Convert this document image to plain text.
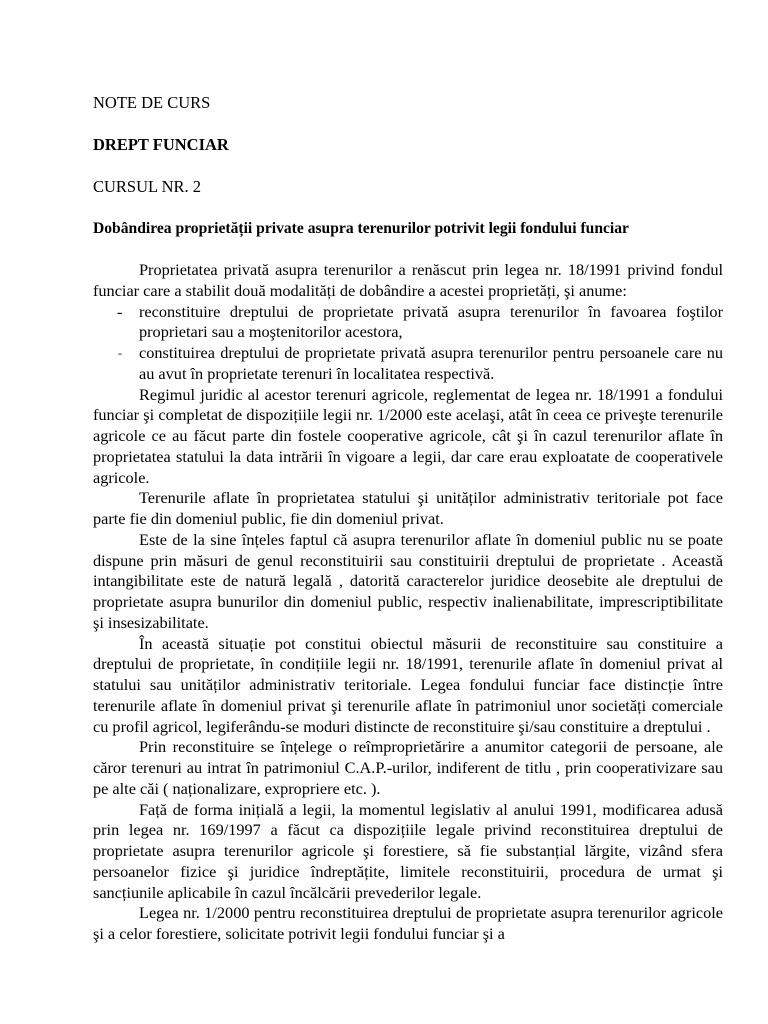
NOTE DE CURS

DREPT FUNCIAR

CURSUL NR. 2

Dobândirea proprietății private asupra terenurilor potrivit legii fondului funciar

Proprietatea privată asupra terenurilor a renăscut prin legea nr. 18/1991 privind fondul funciar care a stabilit două modalități de dobândire a acestei proprietăți, şi anume:

- reconstituire dreptului de proprietate privată asupra terenurilor în favoarea foştilor proprietari sau a moştenitorilor acestora,
- constituirea dreptului de proprietate privată asupra terenurilor pentru persoanele care nu au avut în proprietate terenuri în localitatea respectivă.

Regimul juridic al acestor terenuri agricole, reglementat de legea nr. 18/1991 a fondului funciar şi completat de dispozițiile legii nr. 1/2000 este acelaşi, atât în ceea ce priveşte terenurile agricole ce au făcut parte din fostele cooperative agricole, cât şi în cazul terenurilor aflate în proprietatea statului la data intrării în vigoare a legii, dar care erau exploatate de cooperativele agricole.

Terenurile aflate în proprietatea statului şi unităților administrativ teritoriale pot face parte fie din domeniul public, fie din domeniul privat.

Este de la sine înțeles faptul că asupra terenurilor aflate în domeniul public nu se poate dispune prin măsuri de genul reconstituirii sau constituirii dreptului de proprietate . Această intangibilitate este de natură legală , datorită caracterelor juridice deosebite ale dreptului de proprietate asupra bunurilor din domeniul public, respectiv inalienabilitate, imprescriptibilitate şi insesizabilitate.

În această situație pot constitui obiectul măsurii de reconstituire sau constituire a dreptului de proprietate, în condițiile legii nr. 18/1991, terenurile aflate în domeniul privat al statului sau unităților administrativ teritoriale. Legea fondului funciar face distincție între terenurile aflate în domeniul privat şi terenurile aflate în patrimoniul unor societăți comerciale cu profil agricol, legiferându-se moduri distincte de reconstituire şi/sau constituire a dreptului .

Prin reconstituire se înțelege o reîmproprietărire a anumitor categorii de persoane, ale căror terenuri au intrat în patrimoniul C.A.P.-urilor, indiferent de titlu , prin cooperativizare sau pe alte căi ( naționalizare, expropriere etc. ).

Față de forma inițială a legii, la momentul legislativ al anului 1991, modificarea adusă prin legea nr. 169/1997 a făcut ca dispozițiile legale privind reconstituirea dreptului de proprietate asupra terenurilor agricole şi forestiere, să fie substanțial lărgite, vizând sfera persoanelor fizice şi juridice îndreptățite, limitele reconstituirii, procedura de urmat şi sancțiunile aplicabile în cazul încălcării prevederilor legale.

Legea nr. 1/2000 pentru reconstituirea dreptului de proprietate asupra terenurilor agricole şi a celor forestiere, solicitate potrivit legii fondului funciar şi a
